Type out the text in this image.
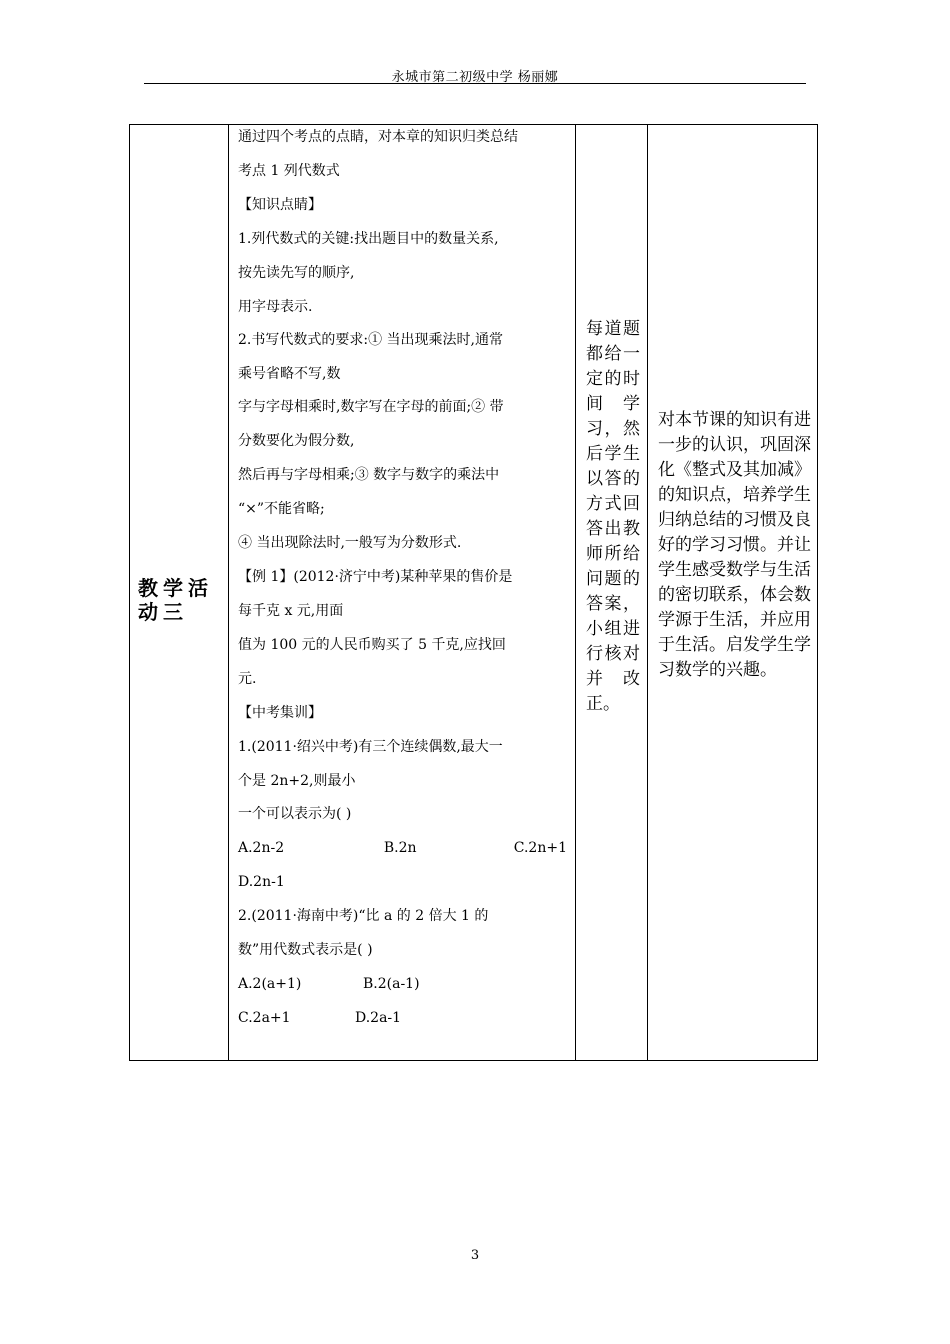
永城市第二初级中学 杨丽娜
教学活动三
通过四个考点的点睛，对本章的知识归类总结
考点 1 列代数式
【知识点睛】
1.列代数式的关键:找出题目中的数量关系,
按先读先写的顺序,
用字母表示.
2.书写代数式的要求:① 当出现乘法时,通常
乘号省略不写,数
字与字母相乘时,数字写在字母的前面;② 带
分数要化为假分数,
然后再与字母相乘;③ 数字与数字的乘法中
“×”不能省略;
④ 当出现除法时,一般写为分数形式.
【例 1】(2012·济宁中考)某种苹果的售价是
每千克 x 元,用面
值为 100 元的人民币购买了 5 千克,应找回
元.
【中考集训】
1.(2011·绍兴中考)有三个连续偶数,最大一
个是 2n+2,则最小
一个可以表示为( )
A.2n-2	B.2n	C.2n+1
D.2n-1
2.(2011·海南中考)“比 a 的 2 倍大 1 的
数”用代数式表示是( )
A.2(a+1)	B.2(a-1)
C.2a+1	D.2a-1
每道题都给一定的时间学习，然后学生以答的方式回答出教师所给问题的答案，小组进行核对并改正。
对本节课的知识有进一步的认识，巩固深化《整式及其加减》的知识点，培养学生归纳总结的习惯及良好的学习习惯。并让学生感受数学与生活的密切联系，体会数学源于生活，并应用于生活。启发学生学习数学的兴趣。
3
